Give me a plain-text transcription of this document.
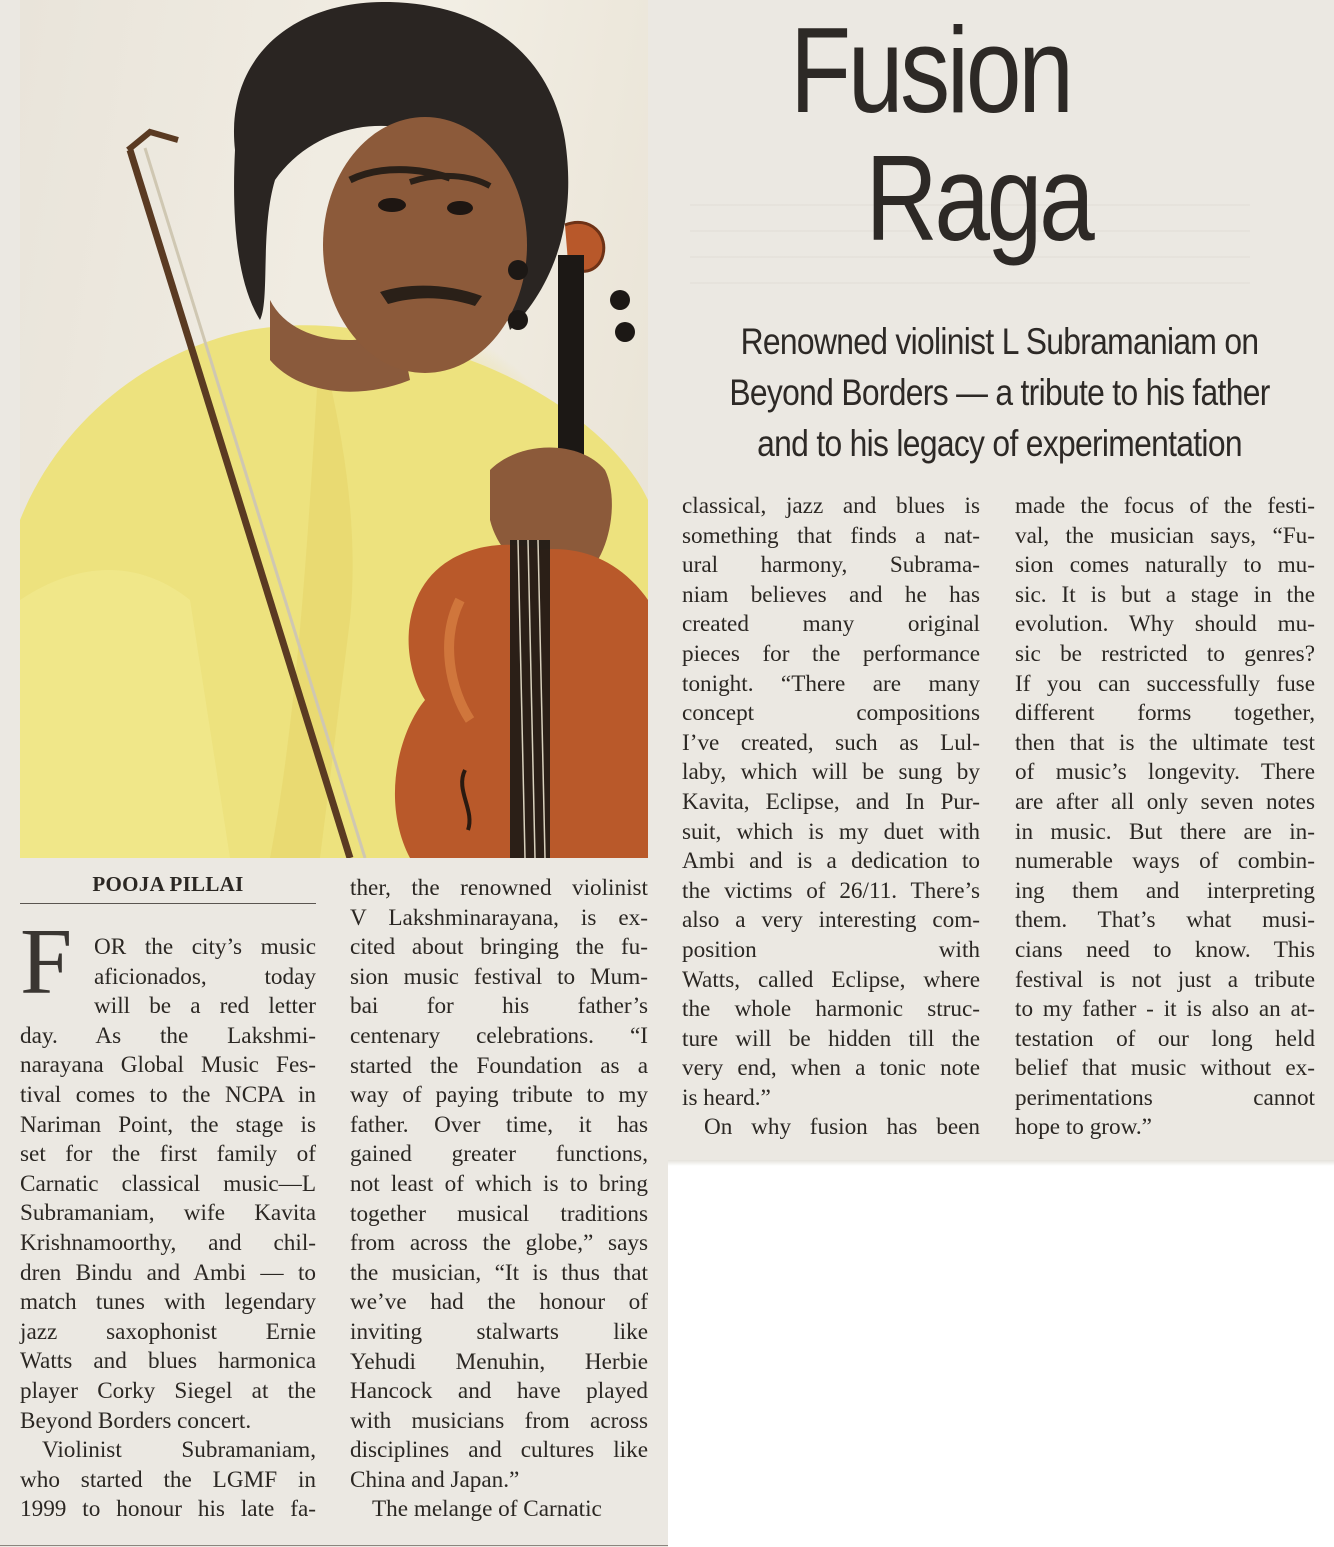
Fusion
Raga
Renowned violinist L Subramaniam on
Beyond Borders — a tribute to his father
and to his legacy of experimentation
POOJA PILLAI
F OR the city’s music
aficionados, today
will be a red letter
day. As the Lakshmi-
narayana Global Music Fes-
tival comes to the NCPA in
Nariman Point, the stage is
set for the first family of
Carnatic classical music—L
Subramaniam, wife Kavita
Krishnamoorthy, and chil-
dren Bindu and Ambi — to
match tunes with legendary
jazz saxophonist Ernie
Watts and blues harmonica
player Corky Siegel at the
Beyond Borders concert.
Violinist Subramaniam,
who started the LGMF in
1999 to honour his late fa-
ther, the renowned violinist
V Lakshminarayana, is ex-
cited about bringing the fu-
sion music festival to Mum-
bai for his father’s
centenary celebrations. “I
started the Foundation as a
way of paying tribute to my
father. Over time, it has
gained greater functions,
not least of which is to bring
together musical traditions
from across the globe,” says
the musician, “It is thus that
we’ve had the honour of
inviting stalwarts like
Yehudi Menuhin, Herbie
Hancock and have played
with musicians from across
disciplines and cultures like
China and Japan.”
The melange of Carnatic
classical, jazz and blues is
something that finds a nat-
ural harmony, Subrama-
niam believes and he has
created many original
pieces for the performance
tonight. “There are many
concept compositions
I’ve created, such as Lul-
laby, which will be sung by
Kavita, Eclipse, and In Pur-
suit, which is my duet with
Ambi and is a dedication to
the victims of 26/11. There’s
also a very interesting com-
position with
Watts, called Eclipse, where
the whole harmonic struc-
ture will be hidden till the
very end, when a tonic note
is heard.”
On why fusion has been
made the focus of the festi-
val, the musician says, “Fu-
sion comes naturally to mu-
sic. It is but a stage in the
evolution. Why should mu-
sic be restricted to genres?
If you can successfully fuse
different forms together,
then that is the ultimate test
of music’s longevity. There
are after all only seven notes
in music. But there are in-
numerable ways of combin-
ing them and interpreting
them. That’s what musi-
cians need to know. This
festival is not just a tribute
to my father - it is also an at-
testation of our long held
belief that music without ex-
perimentations cannot
hope to grow.”
